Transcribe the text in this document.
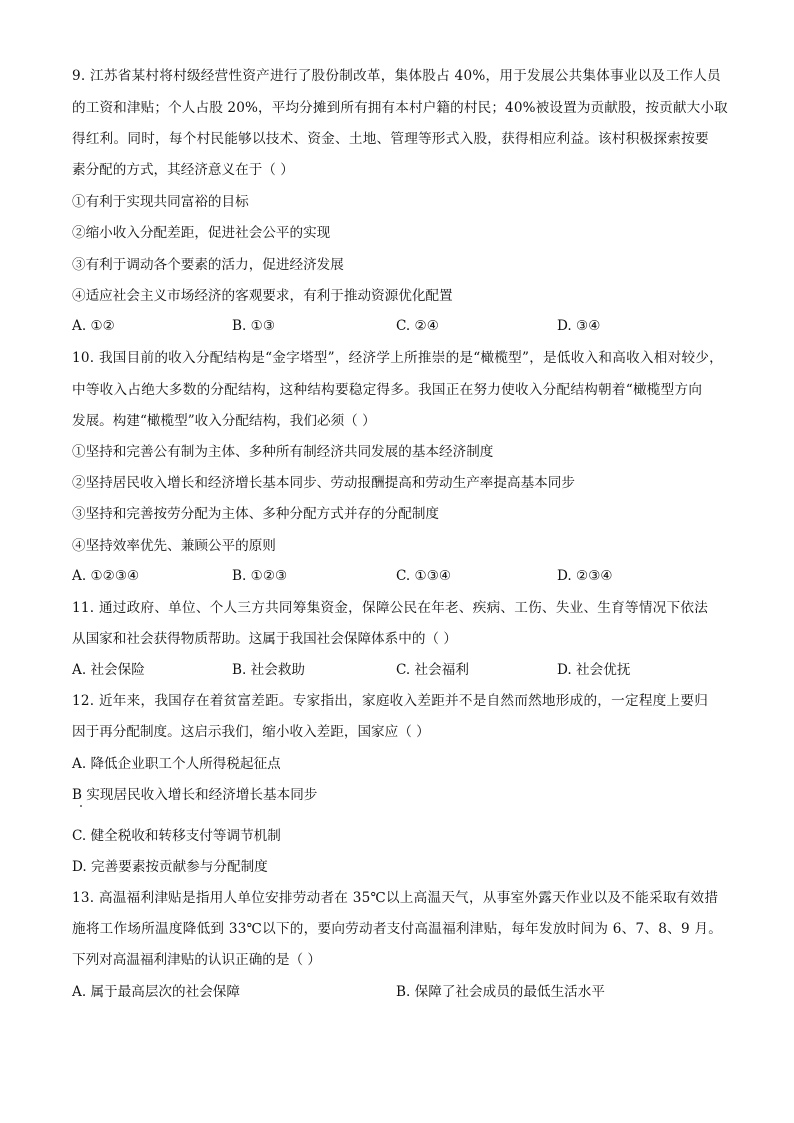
9. 江苏省某村将村级经营性资产进行了股份制改革，集体股占 40%，用于发展公共集体事业以及工作人员
的工资和津贴；个人占股 20%，平均分摊到所有拥有本村户籍的村民；40%被设置为贡献股，按贡献大小取
得红利。同时，每个村民能够以技术、资金、土地、管理等形式入股，获得相应利益。该村积极探索按要
素分配的方式，其经济意义在于（ ）
①有利于实现共同富裕的目标
②缩小收入分配差距，促进社会公平的实现
③有利于调动各个要素的活力，促进经济发展
④适应社会主义市场经济的客观要求，有利于推动资源优化配置
A. ①②	B. ①③	C. ②④	D. ③④
10. 我国目前的收入分配结构是“金字塔型”，经济学上所推崇的是“橄榄型”，是低收入和高收入相对较少，
中等收入占绝大多数的分配结构，这种结构要稳定得多。我国正在努力使收入分配结构朝着“橄榄型方向
发展。构建“橄榄型”收入分配结构，我们必须（ ）
①坚持和完善公有制为主体、多种所有制经济共同发展的基本经济制度
②坚持居民收入增长和经济增长基本同步、劳动报酬提高和劳动生产率提高基本同步
③坚持和完善按劳分配为主体、多种分配方式并存的分配制度
④坚持效率优先、兼顾公平的原则
A. ①②③④	B. ①②③	C. ①③④	D. ②③④
11. 通过政府、单位、个人三方共同筹集资金，保障公民在年老、疾病、工伤、失业、生育等情况下依法
从国家和社会获得物质帮助。这属于我国社会保障体系中的（ ）
A. 社会保险	B. 社会救助	C. 社会福利	D. 社会优抚
12. 近年来，我国存在着贫富差距。专家指出，家庭收入差距并不是自然而然地形成的，一定程度上要归
因于再分配制度。这启示我们，缩小收入差距，国家应（ ）
A. 降低企业职工个人所得税起征点
B 实现居民收入增长和经济增长基本同步
C. 健全税收和转移支付等调节机制
D. 完善要素按贡献参与分配制度
13. 高温福利津贴是指用人单位安排劳动者在 35℃以上高温天气，从事室外露天作业以及不能采取有效措
施将工作场所温度降低到 33℃以下的，要向劳动者支付高温福利津贴，每年发放时间为 6、7、8、9 月。
下列对高温福利津贴的认识正确的是（ ）
A. 属于最高层次的社会保障	B. 保障了社会成员的最低生活水平
